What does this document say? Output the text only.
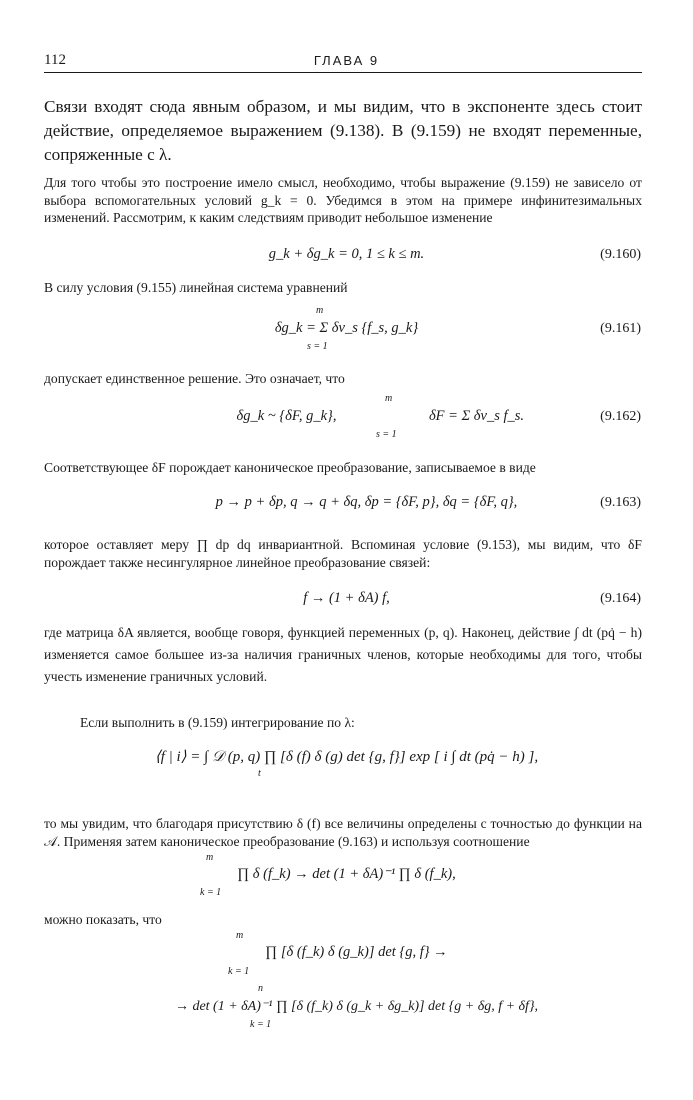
112	ГЛАВА 9
Связи входят сюда явным образом, и мы видим, что в экспоненте здесь стоит действие, определяемое выражением (9.138). В (9.159) не входят переменные, сопряженные с λ.
Для того чтобы это построение имело смысл, необходимо, чтобы выражение (9.159) не зависело от выбора вспомогательных условий g_k = 0. Убедимся в этом на примере инфинитезимальных изменений. Рассмотрим, к каким следствиям приводит небольшое изменение
g_k + δg_k = 0, 1 ≤ k ≤ m.	(9.160)
В силу условия (9.155) линейная система уравнений
m
δg_k = Σ δv_s {f_s, g_k}
s = 1
(9.161)
допускает единственное решение. Это означает, что
m
δg_k ~ {δF, g_k},	δF = Σ δv_s f_s.
s = 1
(9.162)
Соответствующее δF порождает каноническое преобразование, записываемое в виде
p → p + δp, q → q + δq, δp = {δF, p}, δq = {δF, q},	(9.163)
которое оставляет меру ∏ dp dq инвариантной. Вспоминая условие (9.153), мы видим, что δF порождает также несингулярное линейное преобразование связей:
f → (1 + δA) f,	(9.164)
где матрица δA является, вообще говоря, функцией переменных (p, q). Наконец, действие ∫ dt (pq̇ − h) изменяется самое большее из-за наличия граничных членов, которые необходимы для того, чтобы учесть изменение граничных условий.
Если выполнить в (9.159) интегрирование по λ:
⟨f | i⟩ = ∫ 𝒟 (p, q) ∏ [δ (f) δ (g) det {g, f}] exp [ i ∫ dt (pq̇ − h) ],
t
то мы увидим, что благодаря присутствию δ (f) все величины определены с точностью до функции на 𝒜. Применяя затем каноническое преобразование (9.163) и используя соотношение
m
∏ δ (f_k) → det (1 + δA)⁻¹ ∏ δ (f_k),
k = 1
можно показать, что
m
∏ [δ (f_k) δ (g_k)] det {g, f} →
k = 1
n
→ det (1 + δA)⁻¹ ∏ [δ (f_k) δ (g_k + δg_k)] det {g + δg, f + δf},
k = 1
